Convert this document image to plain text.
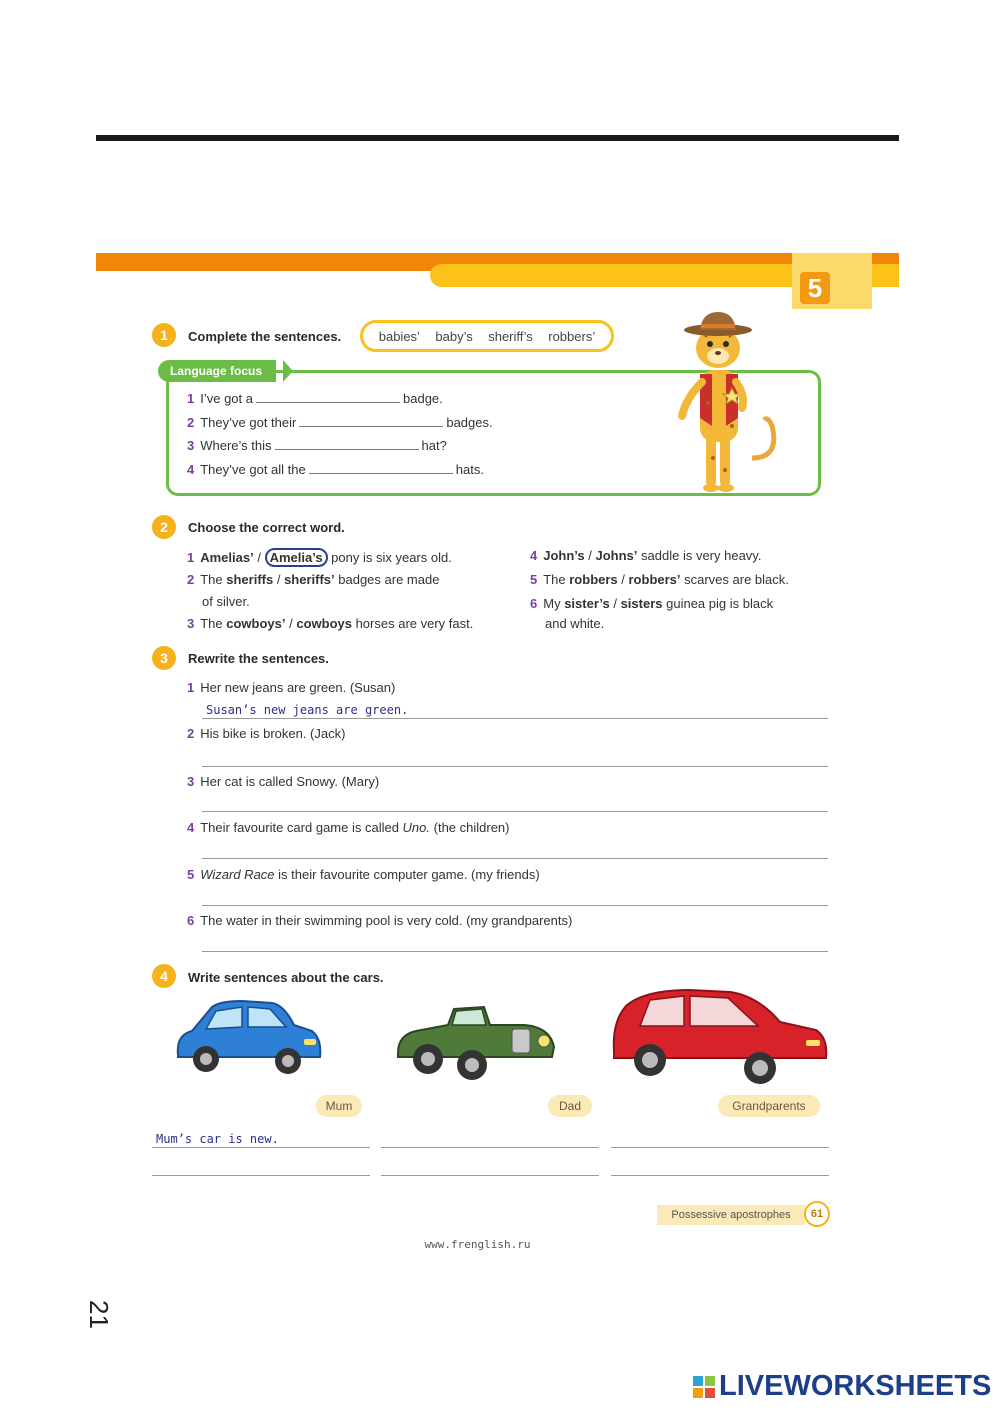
5
1	Complete the sentences.	babies’ baby’s sheriff’s robbers’
Language focus
1 I’ve got a	badge.
2 They’ve got their	badges.
3 Where’s this	hat?
4 They’ve got all the	hats.
2	Choose the correct word.
1 Amelias’ / Amelia’s pony is six years old.
2 The sheriffs / sheriffs’ badges are made
of silver.
3 The cowboys’ / cowboys horses are very fast.
4 John’s / Johns’ saddle is very heavy.
5 The robbers / robbers’ scarves are black.
6 My sister’s / sisters guinea pig is black
and white.
3	Rewrite the sentences.
1 Her new jeans are green. (Susan)
Susan’s new jeans are green.
2 His bike is broken. (Jack)
3 Her cat is called Snowy. (Mary)
4 Their favourite card game is called Uno. (the children)
5 Wizard Race is their favourite computer game. (my friends)
6 The water in their swimming pool is very cold. (my grandparents)
4	Write sentences about the cars.
Mum	Dad	Grandparents
Mum’s car is new.
Possessive apostrophes	61
www.frenglish.ru
21
LIVEWORKSHEETS
